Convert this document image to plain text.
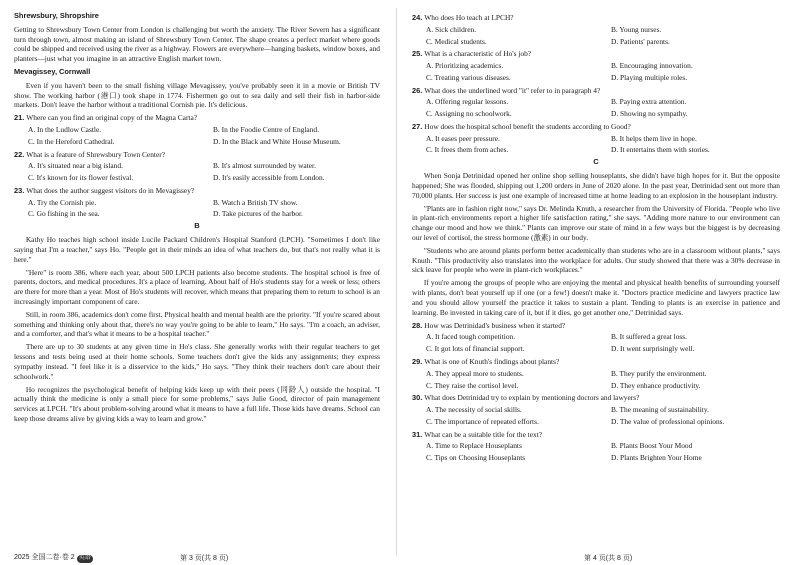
Shrewsbury, Shropshire

Getting to Shrewsbury Town Center from London is challenging but worth the anxiety. The River Severn has a significant turn through town, almost making an island of Shrewsbury Town Center. The shape creates a perfect market where goods could be shipped and received using the river as a highway. Flowers are everywhere—hanging baskets, window boxes, and planters—just what you imagine in an attractive English market town.

Mevagissey, Cornwall

Even if you haven't been to the small fishing village Mevagissey, you've probably seen it in a movie or British TV show. The working harbor (港口) took shape in 1774. Fishermen go out to sea daily and sell their fish in harbor-side markets. Don't leave the harbor without a traditional Cornish pie. It's delicious.

21. Where can you find an original copy of the Magna Carta?
A. In the Ludlow Castle.	B. In the Foodie Centre of England.
C. In the Hereford Cathedral.	D. In the Black and White House Museum.
22. What is a feature of Shrewsbury Town Center?
A. It's situated near a big island.	B. It's almost surrounded by water.
C. It's known for its flower festival.	D. It's easily accessible from London.
23. What does the author suggest visitors do in Mevagissey?
A. Try the Cornish pie.	B. Watch a British TV show.
C. Go fishing in the sea.	D. Take pictures of the harbor.
B

Kathy Ho teaches high school inside Lucile Packard Children's Hospital Stanford (LPCH). "Sometimes I don't like saying that I'm a teacher," says Ho. "People get in their minds an idea of what teachers do, but that's not really what it is here."

"Here" is room 386, where each year, about 500 LPCH patients also become students. The hospital school is free of parents, doctors, and medical procedures. It's a place of learning. About half of Ho's students stay for a week or less; others are there for more than a year. Most of Ho's students will recover, which means that preparing them to return to school is an increasingly important component of care.

Still, in room 386, academics don't come first. Physical health and mental health are the priority. "If you're scared about something and thinking only about that, there's no way you're going to be able to learn," Ho says. "I'm a coach, an adviser, and a comforter, and that's what it means to be a hospital teacher."

There are up to 30 students at any given time in Ho's class. She generally works with their regular teachers to get lessons and tests being used at their home schools. Some teachers don't give the kids any assignments; they express sympathy instead. "I feel like it is a disservice to the kids," Ho says. "They think their teachers don't care about their schoolwork."

Ho recognizes the psychological benefit of helping kids keep up with their peers (同龄人) outside the hospital. "I actually think the medicine is only a small piece for some problems," says Julie Good, director of pain management services at LPCH. "It's about problem-solving around what it means to have a full life. Those kids have dreams. School can keep those dreams alive by giving kids a way to learn and grow."

2025 全国二卷·卷 2 英语	第 3 页(共 8 页)
24. Who does Ho teach at LPCH?
A. Sick children.	B. Young nurses.
C. Medical students.	D. Patients' parents.
25. What is a characteristic of Ho's job?
A. Prioritizing academics.	B. Encouraging innovation.
C. Treating various diseases.	D. Playing multiple roles.
26. What does the underlined word "it" refer to in paragraph 4?
A. Offering regular lessons.	B. Paying extra attention.
C. Assigning no schoolwork.	D. Showing no sympathy.
27. How does the hospital school benefit the students according to Good?
A. It eases peer pressure.	B. It helps them live in hope.
C. It frees them from aches.	D. It entertains them with stories.
C

When Sonja Detrinidad opened her online shop selling houseplants, she didn't have high hopes for it. But the opposite happened; She was flooded, shipping out 1,200 orders in June of 2020 alone. In the past year, Detrinidad sent out more than 70,000 plants. Her success is just one example of increased time at home leading to an explosion in the houseplant industry.

"Plants are in fashion right now," says Dr. Melinda Knuth, a researcher from the University of Florida. "People who live in plant-rich environments report a higher life satisfaction rating," she says. "Adding more nature to our environment can change our mood and how we think." Plants can improve our state of mind in a few ways but the biggest is by decreasing our level of cortisol, the stress hormone (激素) in our body.

"Students who are around plants perform better academically than students who are in a classroom without plants," says Knuth. "This productivity also translates into the workplace for adults. Our study showed that there was a 30% decrease in sick leave for people who were in plant-rich workplaces."

If you're among the groups of people who are enjoying the mental and physical health benefits of surrounding yourself with plants, don't beat yourself up if one (or a few!) doesn't make it. "Doctors practice medicine and lawyers practice law and you should allow yourself the practice it takes to sustain a plant. Tending to plants is an exercise in patience and learning. Be invested in taking care of it, but if it dies, go get another one," Detrinidad says.

28. How was Detrinidad's business when it started?
A. It faced tough competition.	B. It suffered a great loss.
C. It got lots of financial support.	D. It went surprisingly well.
29. What is one of Knuth's findings about plants?
A. They appeal more to students.	B. They purify the environment.
C. They raise the cortisol level.	D. They enhance productivity.
30. What does Detrinidad try to explain by mentioning doctors and lawyers?
A. The necessity of social skills.	B. The meaning of sustainability.
C. The importance of repeated efforts.	D. The value of professional opinions.
31. What can be a suitable title for the text?
A. Time to Replace Houseplants	B. Plants Boost Your Mood
C. Tips on Choosing Houseplants	D. Plants Brighten Your Home
第 4 页(共 8 页)
